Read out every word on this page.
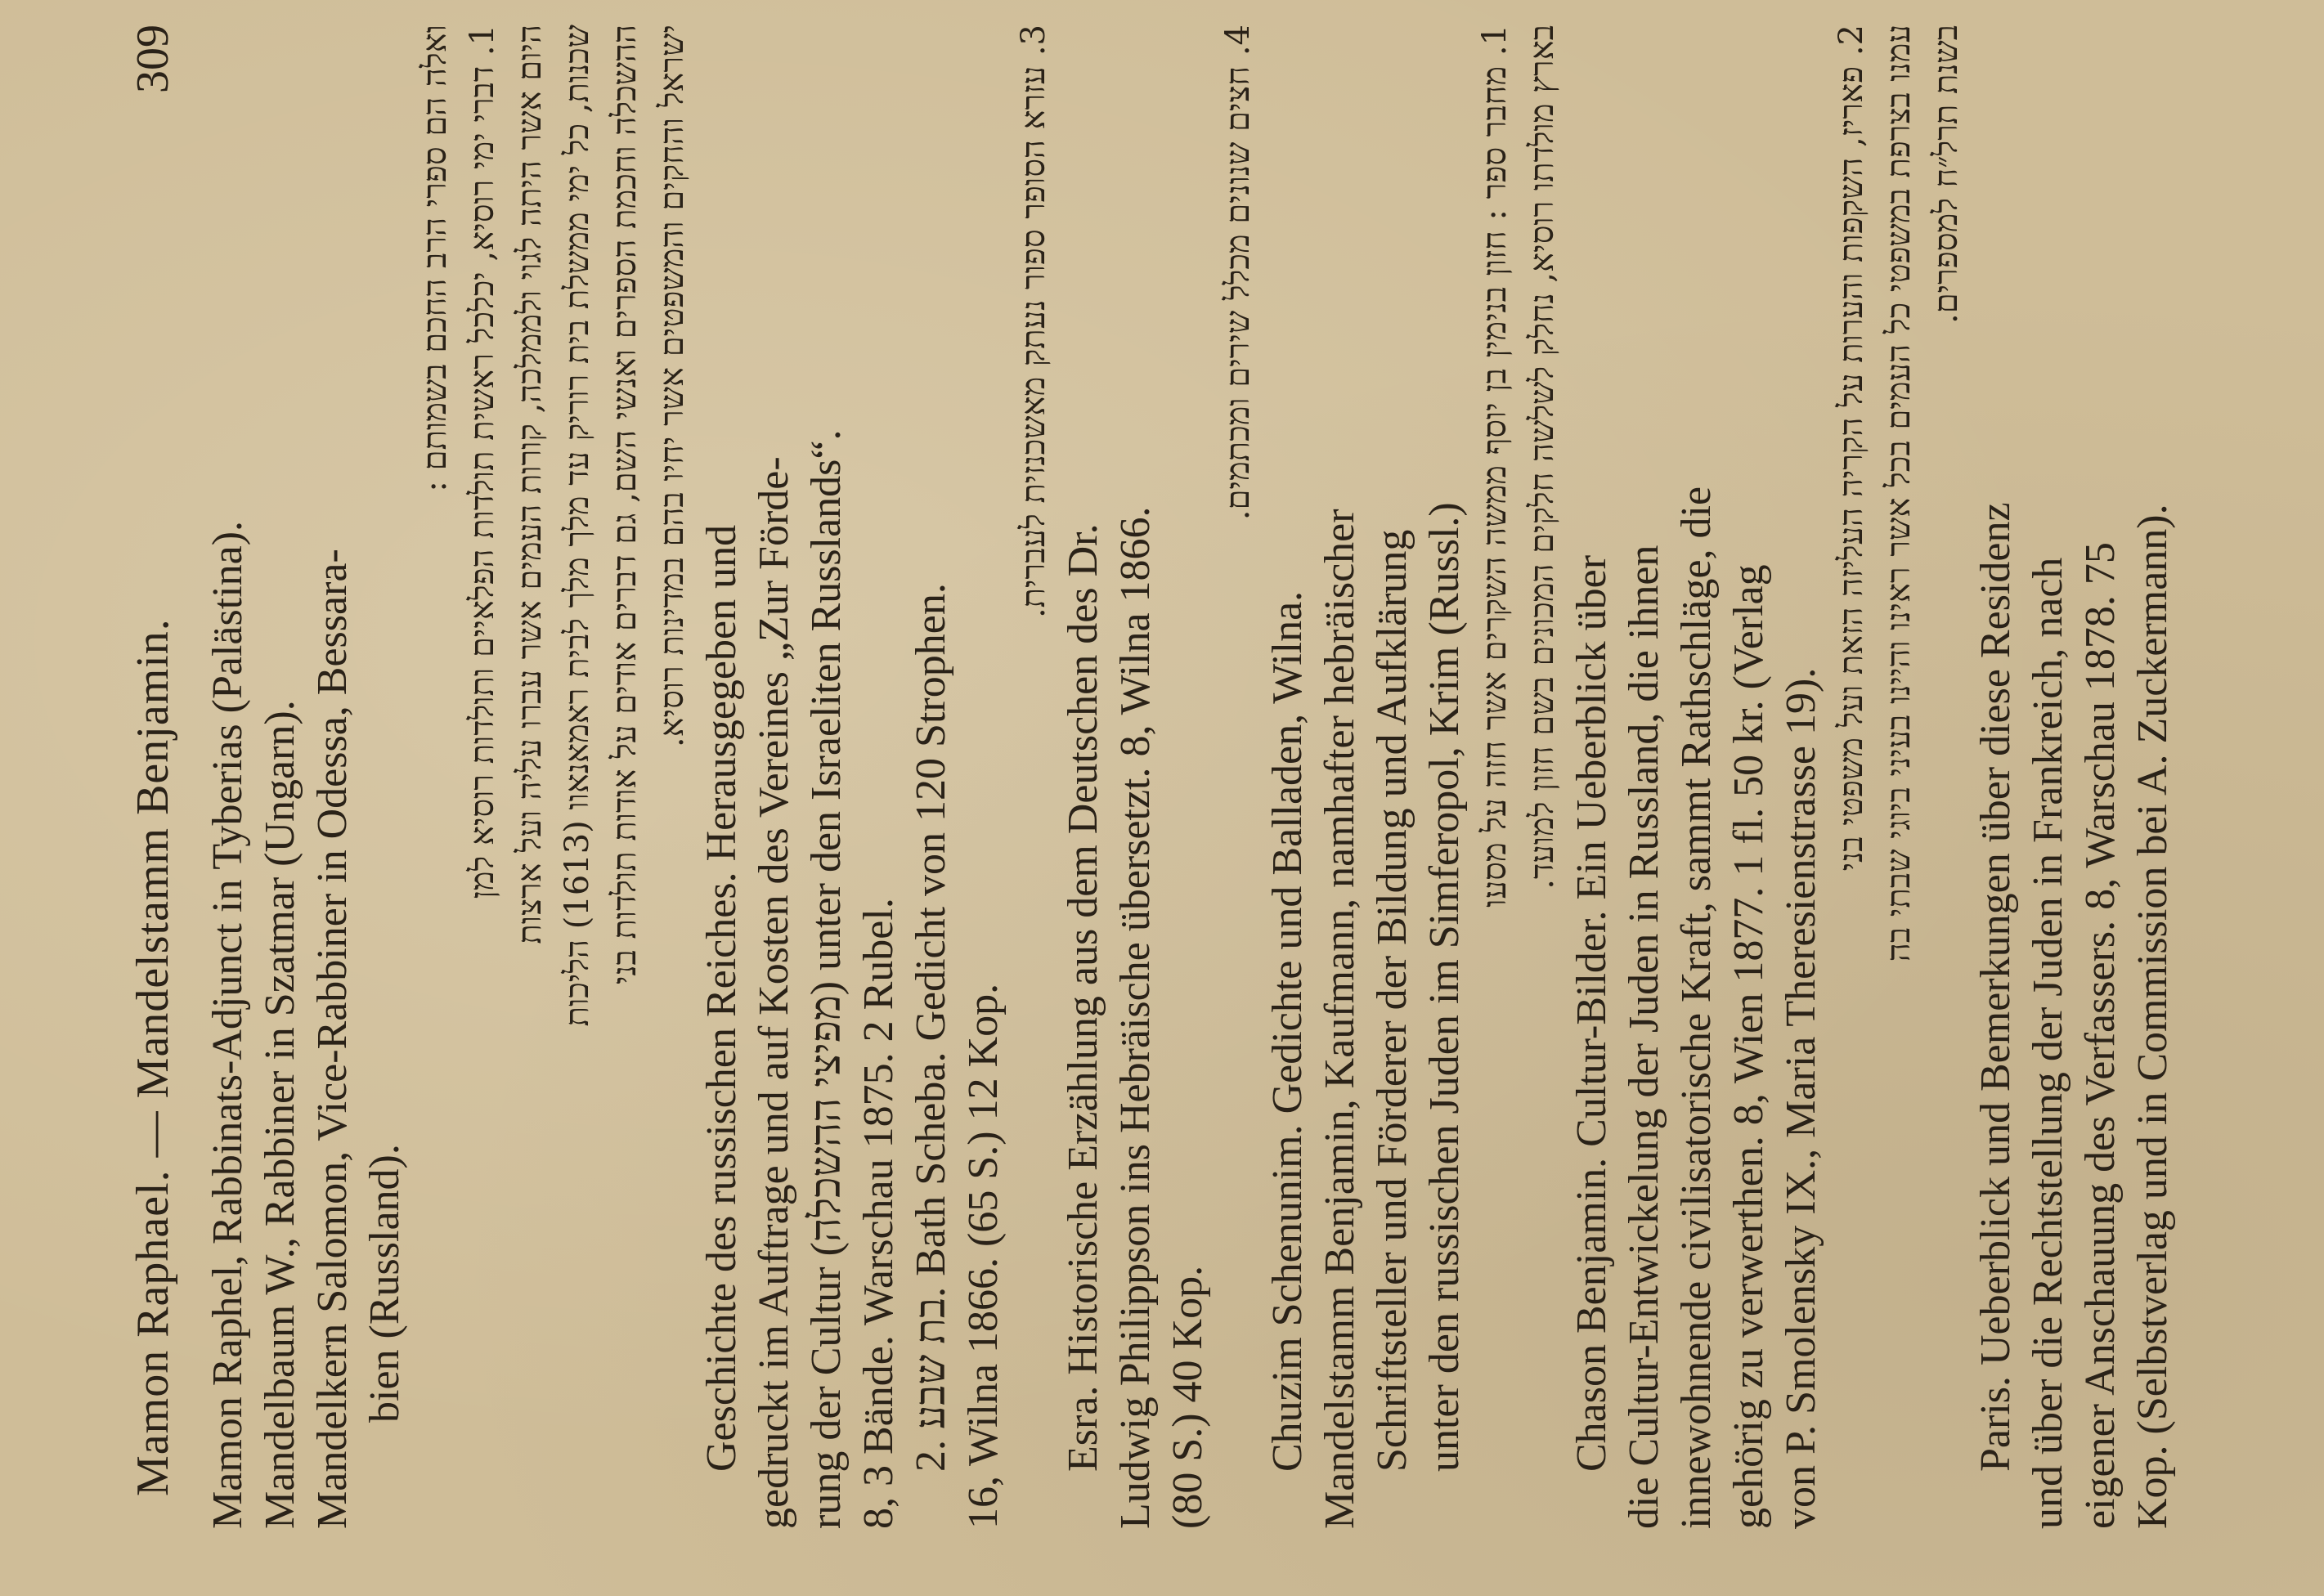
Mamon Raphael. — Mandelstamm Benjamin.
309
Mamon Raphel, Rabbinats-Adjunct in Tyberias (Palästina). Mandelbaum W., Rabbiner in Szatmar (Ungarn). Mandelkern Salomon, Vice-Rabbiner in Odessa, Bessara- bien (Russland).
ואלה הם ספרי הרב החכם בשמותם : 1. דברי ימי רוסיא, יכלכל ראשית תולדות הפלאיים ותולדות רוסיא למן היום אשר היתה לגוי ולממלכה, קורות העמים אשר עברו עליה ועל ארצות
שכנות, כל ימי ממשלת בית רוריק עד מלך מלך לבית ראמאנאוו (1613) הליכות ההשכלה וחכמת הספרים ואנשי השם, גם דברים אודים על אודות תולדות בני ישראל והחקים והמשפטים אשר יחיו בהם במדינות רוסיא.
Geschichte des russischen Reiches. Herausgegeben und gedruckt im Auftrage und auf Kosten des Vereines „Zur Förde- rung der Cultur (מפיצי ההשכלה) unter den Israeliten Russlands“.
8, 3 Bände. Warschau 1875. 2 Rubel. 2. בת שבע. Bath Scheba. Gedicht von 120 Strophen. 16, Wilna 1866. (65 S.) 12 Kop.
3. עזרא הסופר ספור נעתק מאשכנזית לעברית.
Esra. Historische Erzählung aus dem Deutschen des Dr. Ludwig Philippson ins Hebräische übersetzt. 8, Wilna 1866. (80 S.) 40 Kop.
4. חצים שנונים מכלל שירים ומכתמים.
Chuzim Schenunim. Gedichte und Balladen, Wilna. Mandelstamm Benjamin, Kaufmann, namhafter hebräischer Schriftsteller und Förderer der Bildung und Aufklärung unter den russischen Juden im Simferopol, Krim (Russl.)
1. מחבר ספר : חזון בנימין בן יוסף ממשה השקרים אשר חזה על מסעו בארץ מולדתו רוסיא, נחלק לשלשה חלקים המכונים בשם חזון למועד.
Chason Benjamin. Cultur-Bilder. Ein Ueberblick über die Cultur-Entwickelung der Juden in Russland, die ihnen innewohnende civilisatorische Kraft, sammt Rathschläge, die gehörig zu verwerthen. 8, Wien 1877. 1 fl. 50 kr. (Verlag von P. Smolensky IX., Maria Theresienstrasse 19).
2. פאריז, השקפות והערות על הקריה העליזה הזאת ועל משפטי בני עמנו בצרפת במשפטי כל העמים בכל אשר ראינו והיינו בעיני ביוגי שבתי בה בשנת תרל״ח למספרים.
Paris. Ueberblick und Bemerkungen über diese Residenz und über die Rechtstellung der Juden in Frankreich, nach eigener Anschauung des Verfassers. 8, Warschau 1878. 75 Kop. (Selbstverlag und in Commission bei A. Zuckermann).
